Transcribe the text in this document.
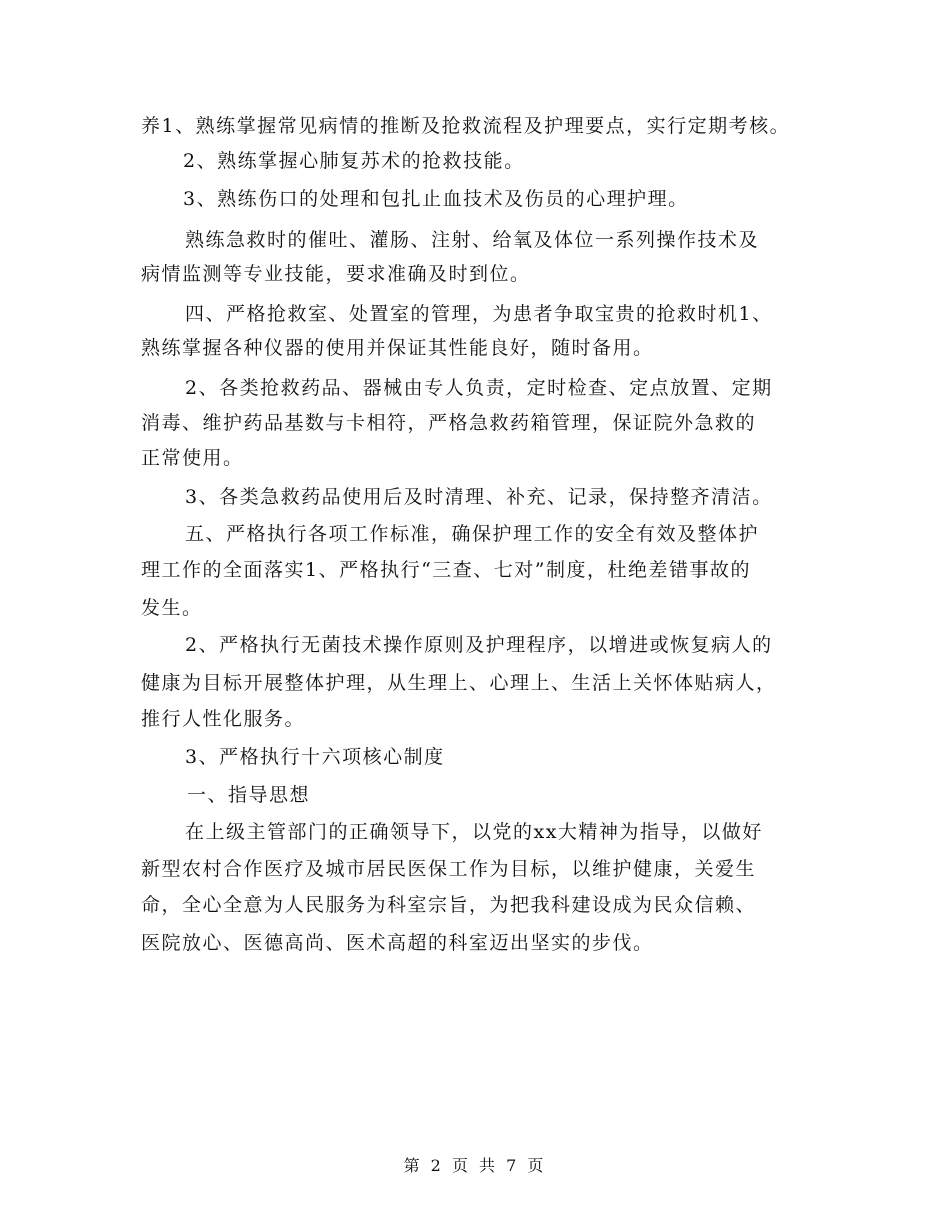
养1、熟练掌握常见病情的推断及抢救流程及护理要点，实行定期考核。
2、熟练掌握心肺复苏术的抢救技能。
3、熟练伤口的处理和包扎止血技术及伤员的心理护理。
熟练急救时的催吐、灌肠、注射、给氧及体位一系列操作技术及
病情监测等专业技能，要求准确及时到位。
四、严格抢救室、处置室的管理，为患者争取宝贵的抢救时机1、
熟练掌握各种仪器的使用并保证其性能良好，随时备用。
2、各类抢救药品、器械由专人负责，定时检查、定点放置、定期
消毒、维护药品基数与卡相符，严格急救药箱管理，保证院外急救的
正常使用。
3、各类急救药品使用后及时清理、补充、记录，保持整齐清洁。
五、严格执行各项工作标准，确保护理工作的安全有效及整体护
理工作的全面落实1、严格执行“三查、七对”制度，杜绝差错事故的
发生。
2、严格执行无菌技术操作原则及护理程序，以增进或恢复病人的
健康为目标开展整体护理，从生理上、心理上、生活上关怀体贴病人，
推行人性化服务。
3、严格执行十六项核心制度
一、指导思想
在上级主管部门的正确领导下，以党的xx大精神为指导，以做好
新型农村合作医疗及城市居民医保工作为目标，以维护健康，关爱生
命，全心全意为人民服务为科室宗旨，为把我科建设成为民众信赖、
医院放心、医德高尚、医术高超的科室迈出坚实的步伐。
第 2 页 共 7 页
